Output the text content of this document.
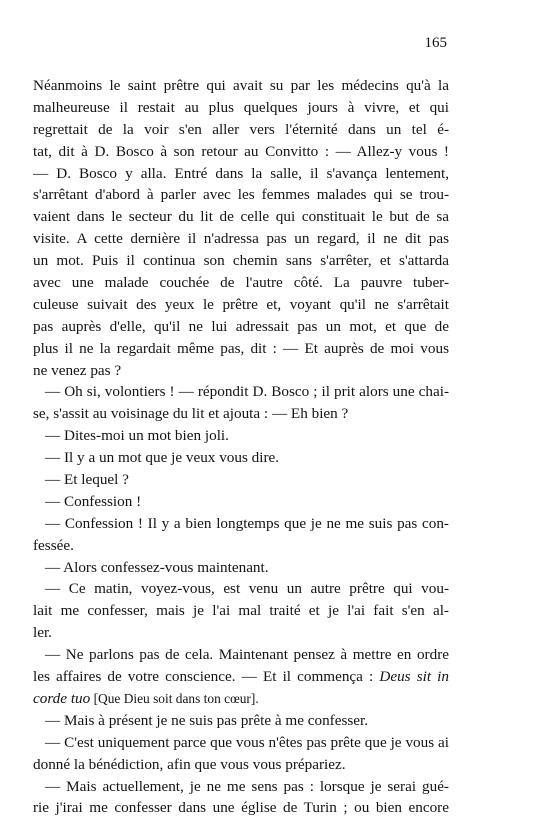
165
Néanmoins le saint prêtre qui avait su par les médecins qu'à la
malheureuse il restait au plus quelques jours à vivre, et qui
regrettait de la voir s'en aller vers l'éternité dans un tel é-
tat, dit à D. Bosco à son retour au Convitto : — Allez-y vous !
— D. Bosco y alla. Entré dans la salle, il s'avança lentement,
s'arrêtant d'abord à parler avec les femmes malades qui se trou-
vaient dans le secteur du lit de celle qui constituait le but de sa
visite. A cette dernière il n'adressa pas un regard, il ne dit pas
un mot. Puis il continua son chemin sans s'arrêter, et s'attarda
avec une malade couchée de l'autre côté. La pauvre tuber-
culeuse suivait des yeux le prêtre et, voyant qu'il ne s'arrêtait
pas auprès d'elle, qu'il ne lui adressait pas un mot, et que de
plus il ne la regardait même pas, dit : — Et auprès de moi vous
ne venez pas ?
— Oh si, volontiers ! — répondit D. Bosco ; il prit alors une chai-
se, s'assit au voisinage du lit et ajouta : — Eh bien ?
— Dites-moi un mot bien joli.
— Il y a un mot que je veux vous dire.
— Et lequel ?
— Confession !
— Confession ! Il y a bien longtemps que je ne me suis pas con-
fessée.
— Alors confessez-vous maintenant.
— Ce matin, voyez-vous, est venu un autre prêtre qui vou-
lait me confesser, mais je l'ai mal traité et je l'ai fait s'en al-
ler.
— Ne parlons pas de cela. Maintenant pensez à mettre en ordre
les affaires de votre conscience. — Et il commença : Deus sit in
corde tuo [Que Dieu soit dans ton cœur].
— Mais à présent je ne suis pas prête à me confesser.
— C'est uniquement parce que vous n'êtes pas prête que je vous ai
donné la bénédiction, afin que vous vous prépariez.
— Mais actuellement, je ne me sens pas : lorsque je serai gué-
rie j'irai me confesser dans une église de Turin ; ou bien encore
